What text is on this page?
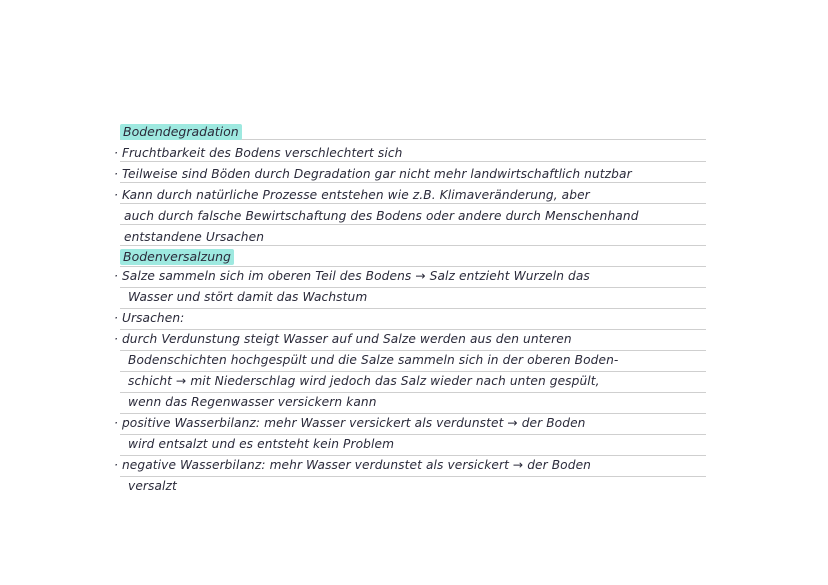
Bodendegradation
· Fruchtbarkeit des Bodens verschlechtert sich
· Teilweise sind Böden durch Degradation gar nicht mehr landwirtschaftlich nutzbar
· Kann durch natürliche Prozesse entstehen wie z.B. Klimaveränderung, aber
auch durch falsche Bewirtschaftung des Bodens oder andere durch Menschenhand
entstandene Ursachen
Bodenversalzung
· Salze sammeln sich im oberen Teil des Bodens → Salz entzieht Wurzeln das
Wasser und stört damit das Wachstum
· Ursachen:
· durch Verdunstung steigt Wasser auf und Salze werden aus den unteren
Bodenschichten hochgespült und die Salze sammeln sich in der oberen Boden-
schicht → mit Niederschlag wird jedoch das Salz wieder nach unten gespült,
wenn das Regenwasser versickern kann
· positive Wasserbilanz: mehr Wasser versickert als verdunstet → der Boden
wird entsalzt und es entsteht kein Problem
· negative Wasserbilanz: mehr Wasser verdunstet als versickert → der Boden
versalzt
